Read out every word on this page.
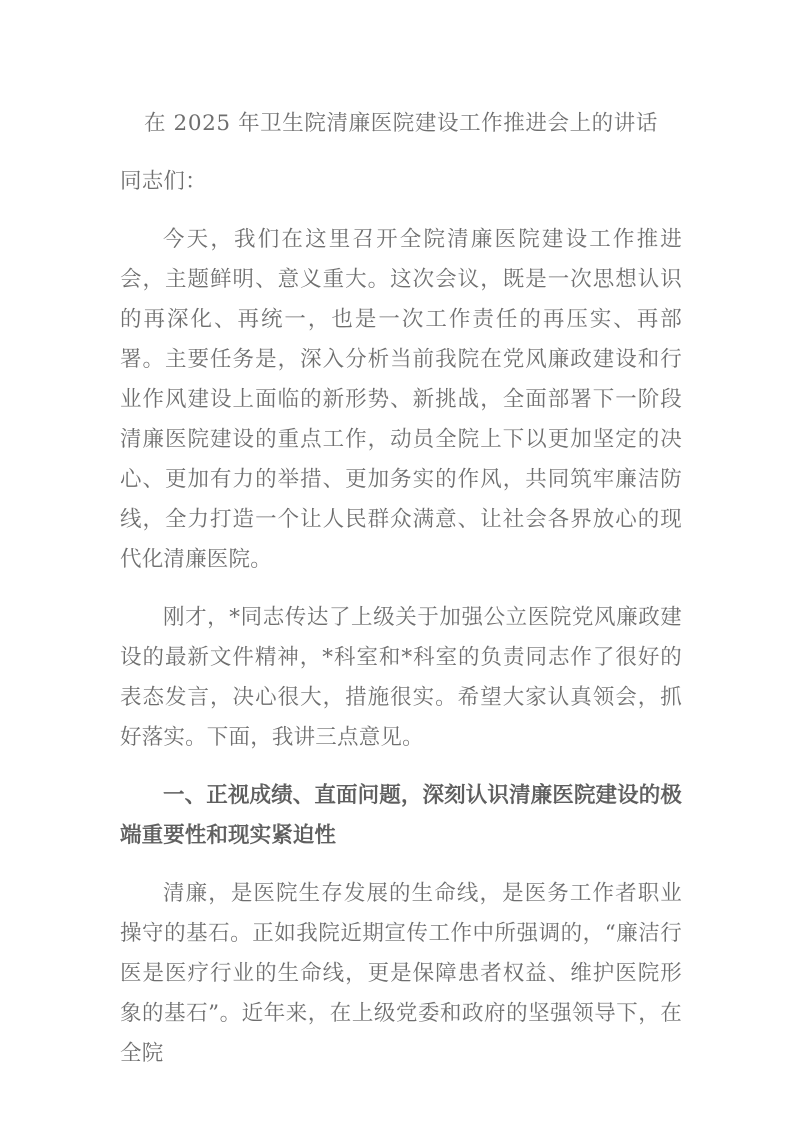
在 2025 年卫生院清廉医院建设工作推进会上的讲话
同志们：

今天，我们在这里召开全院清廉医院建设工作推进会，主题鲜明、意义重大。这次会议，既是一次思想认识的再深化、再统一，也是一次工作责任的再压实、再部署。主要任务是，深入分析当前我院在党风廉政建设和行业作风建设上面临的新形势、新挑战，全面部署下一阶段清廉医院建设的重点工作，动员全院上下以更加坚定的决心、更加有力的举措、更加务实的作风，共同筑牢廉洁防线，全力打造一个让人民群众满意、让社会各界放心的现代化清廉医院。

刚才，*同志传达了上级关于加强公立医院党风廉政建设的最新文件精神，*科室和*科室的负责同志作了很好的表态发言，决心很大，措施很实。希望大家认真领会，抓好落实。下面，我讲三点意见。

一、正视成绩、直面问题，深刻认识清廉医院建设的极端重要性和现实紧迫性

清廉，是医院生存发展的生命线，是医务工作者职业操守的基石。正如我院近期宣传工作中所强调的，“廉洁行医是医疗行业的生命线，更是保障患者权益、维护医院形象的基石”。近年来，在上级党委和政府的坚强领导下，在全院
